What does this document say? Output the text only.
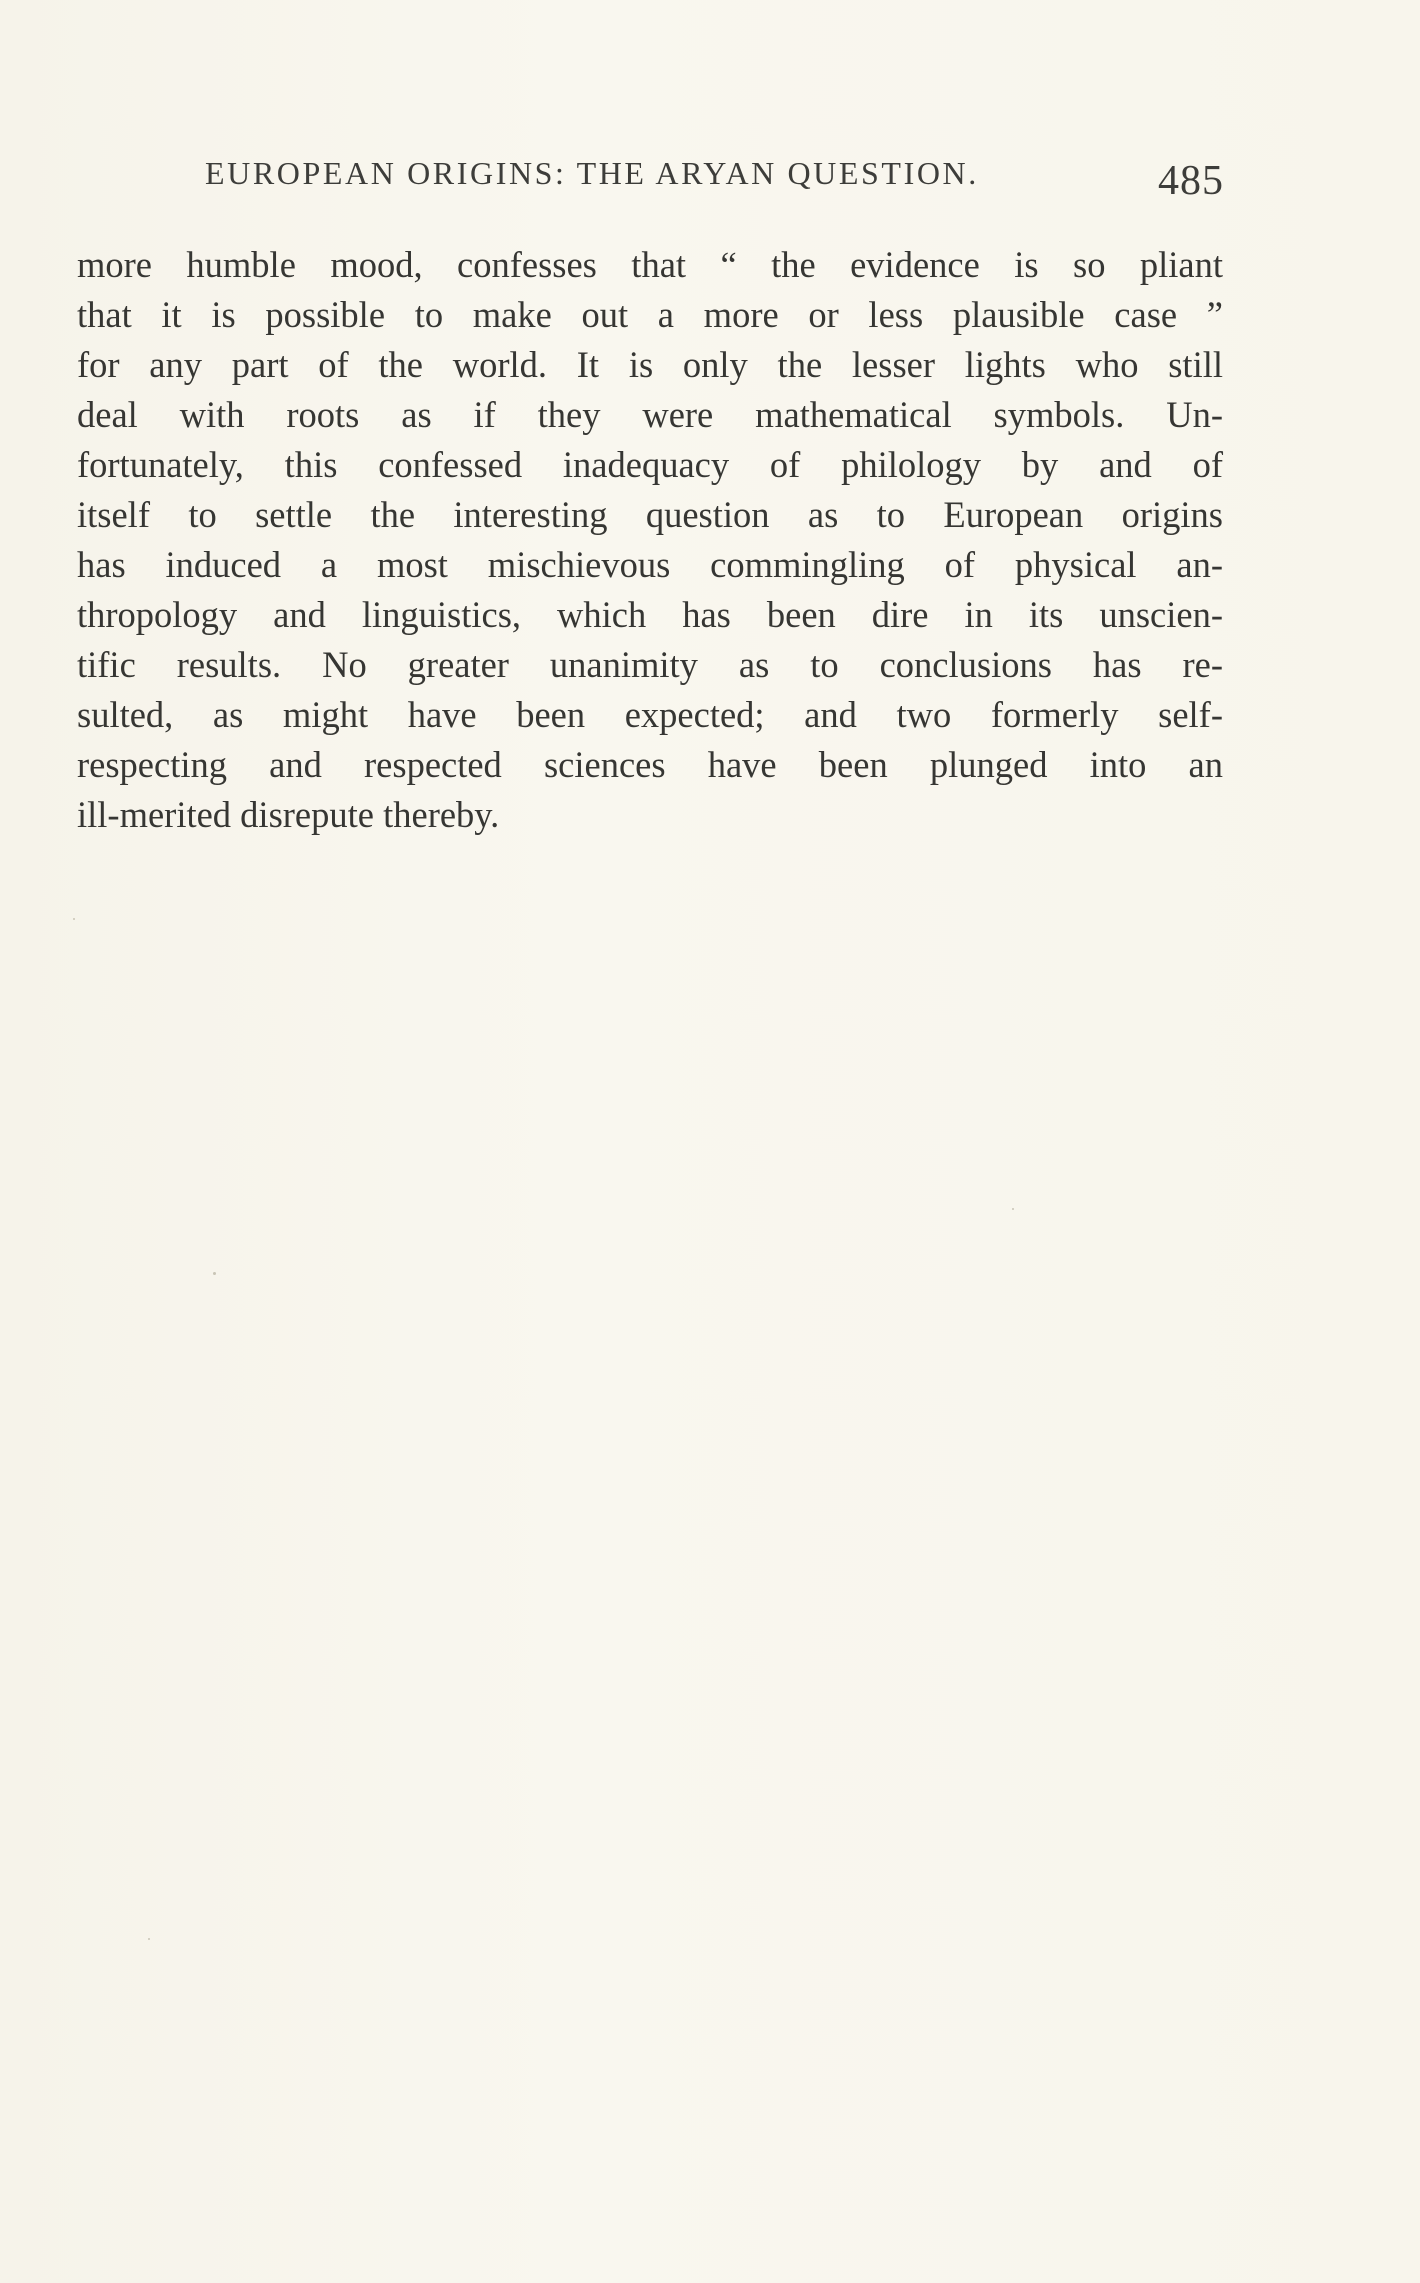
EUROPEAN ORIGINS: THE ARYAN QUESTION.	485
more humble mood, confesses that “ the evidence is so pliant
that it is possible to make out a more or less plausible case ”
for any part of the world. It is only the lesser lights who still
deal with roots as if they were mathematical symbols. Un-
fortunately, this confessed inadequacy of philology by and of
itself to settle the interesting question as to European origins
has induced a most mischievous commingling of physical an-
thropology and linguistics, which has been dire in its unscien-
tific results. No greater unanimity as to conclusions has re-
sulted, as might have been expected; and two formerly self-
respecting and respected sciences have been plunged into an
ill-merited disrepute thereby.
